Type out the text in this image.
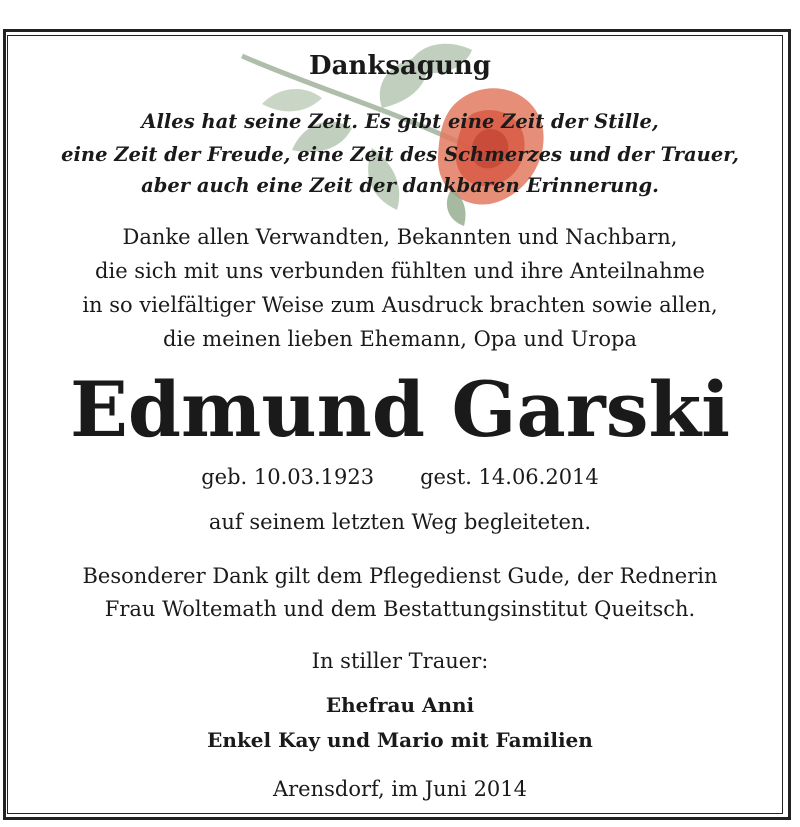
Danksagung
Alles hat seine Zeit. Es gibt eine Zeit der Stille,
eine Zeit der Freude, eine Zeit des Schmerzes und der Trauer,
aber auch eine Zeit der dankbaren Erinnerung.
Danke allen Verwandten, Bekannten und Nachbarn,
die sich mit uns verbunden fühlten und ihre Anteilnahme
in so vielfältiger Weise zum Ausdruck brachten sowie allen,
die meinen lieben Ehemann, Opa und Uropa
Edmund Garski
geb. 10.03.1923 gest. 14.06.2014
auf seinem letzten Weg begleiteten.
Besonderer Dank gilt dem Pflegedienst Gude, der Rednerin
Frau Woltemath und dem Bestattungsinstitut Queitsch.
In stiller Trauer:
Ehefrau Anni
Enkel Kay und Mario mit Familien
Arensdorf, im Juni 2014
